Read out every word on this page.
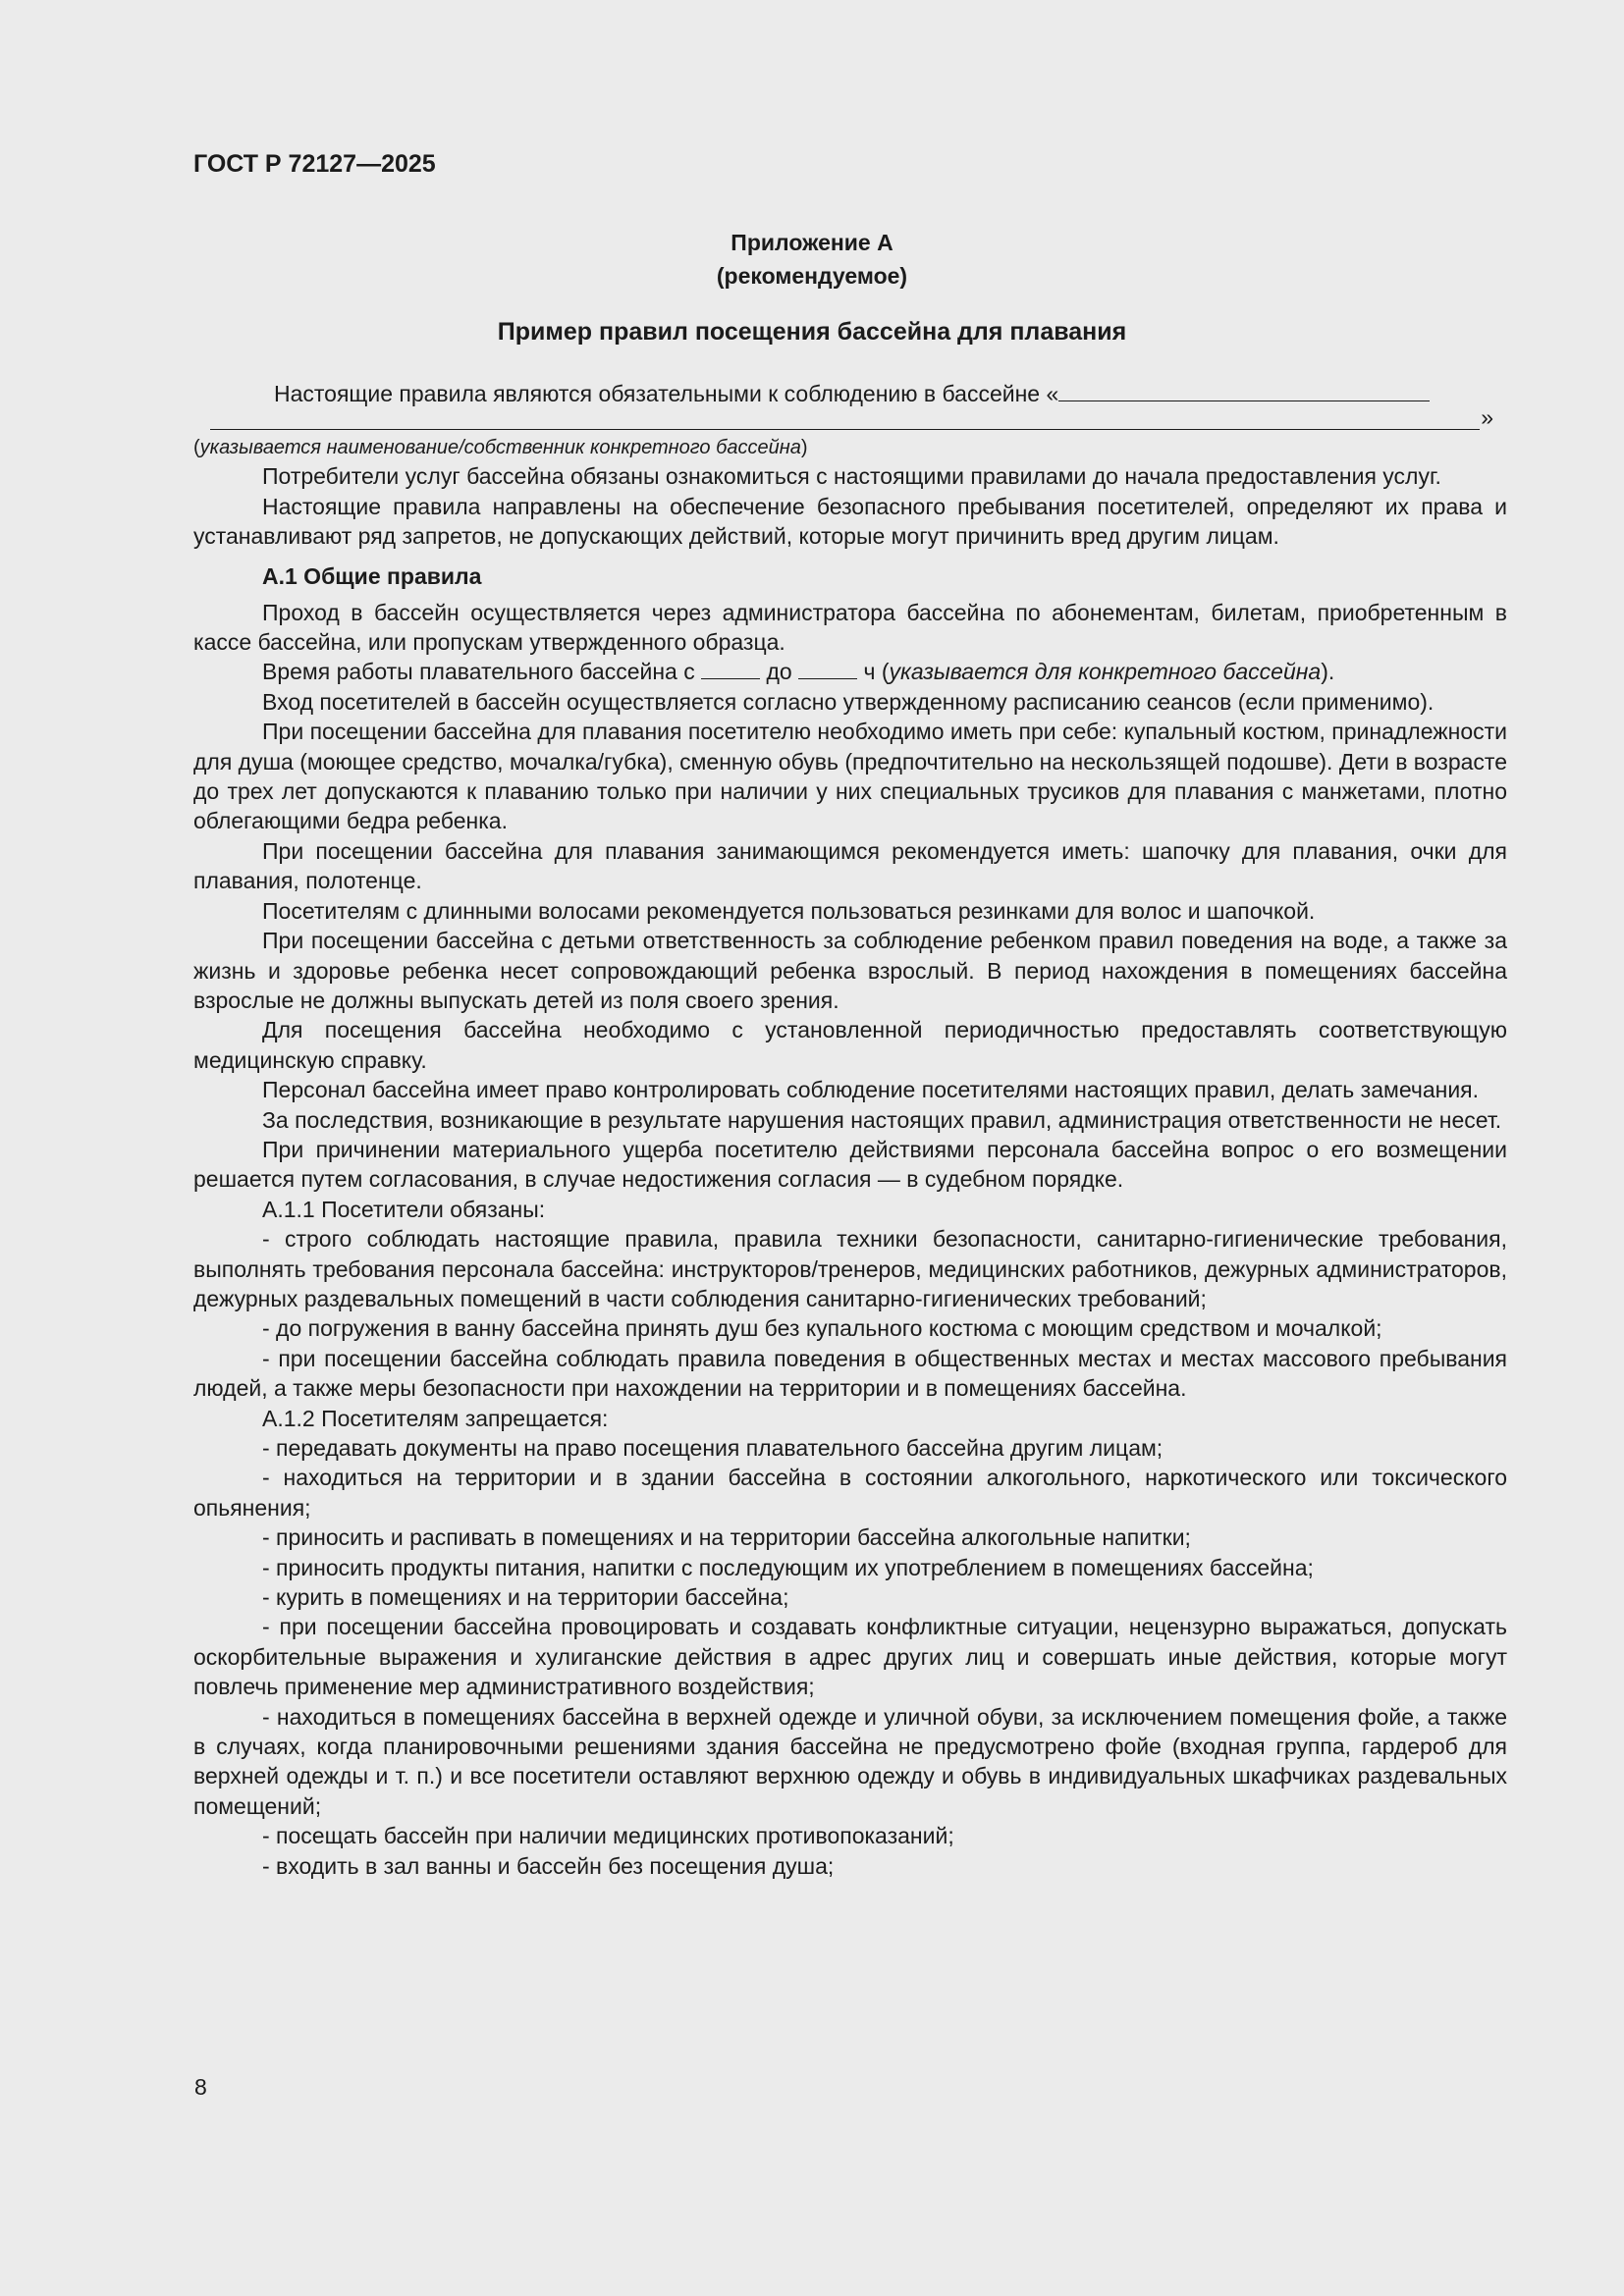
ГОСТ Р 72127—2025
Приложение А
(рекомендуемое)
Пример правил посещения бассейна для плавания

Настоящие правила являются обязательными к соблюдению в бассейне «

»

(указывается наименование/собственник конкретного бассейна)

Потребители услуг бассейна обязаны ознакомиться с настоящими правилами до начала предоставления услуг.

Настоящие правила направлены на обеспечение безопасного пребывания посетителей, определяют их права и устанавливают ряд запретов, не допускающих действий, которые могут причинить вред другим лицам.

А.1 Общие правила

Проход в бассейн осуществляется через администратора бассейна по абонементам, билетам, приобретенным в кассе бассейна, или пропускам утвержденного образца.

Время работы плавательного бассейна с	до	ч (указывается для конкретного бассейна).

Вход посетителей в бассейн осуществляется согласно утвержденному расписанию сеансов (если применимо).

При посещении бассейна для плавания посетителю необходимо иметь при себе: купальный костюм, принадлежности для душа (моющее средство, мочалка/губка), сменную обувь (предпочтительно на нескользящей подошве). Дети в возрасте до трех лет допускаются к плаванию только при наличии у них специальных трусиков для плавания с манжетами, плотно облегающими бедра ребенка.

При посещении бассейна для плавания занимающимся рекомендуется иметь: шапочку для плавания, очки для плавания, полотенце.

Посетителям с длинными волосами рекомендуется пользоваться резинками для волос и шапочкой.

При посещении бассейна с детьми ответственность за соблюдение ребенком правил поведения на воде, а также за жизнь и здоровье ребенка несет сопровождающий ребенка взрослый. В период нахождения в помещениях бассейна взрослые не должны выпускать детей из поля своего зрения.

Для посещения бассейна необходимо с установленной периодичностью предоставлять соответствующую медицинскую справку.

Персонал бассейна имеет право контролировать соблюдение посетителями настоящих правил, делать замечания.

За последствия, возникающие в результате нарушения настоящих правил, администрация ответственности не несет.

При причинении материального ущерба посетителю действиями персонала бассейна вопрос о его возмещении решается путем согласования, в случае недостижения согласия — в судебном порядке.

А.1.1 Посетители обязаны:

- строго соблюдать настоящие правила, правила техники безопасности, санитарно-гигиенические требования, выполнять требования персонала бассейна: инструкторов/тренеров, медицинских работников, дежурных администраторов, дежурных раздевальных помещений в части соблюдения санитарно-гигиенических требований;

- до погружения в ванну бассейна принять душ без купального костюма с моющим средством и мочалкой;

- при посещении бассейна соблюдать правила поведения в общественных местах и местах массового пребывания людей, а также меры безопасности при нахождении на территории и в помещениях бассейна.

А.1.2 Посетителям запрещается:

- передавать документы на право посещения плавательного бассейна другим лицам;

- находиться на территории и в здании бассейна в состоянии алкогольного, наркотического или токсического опьянения;

- приносить и распивать в помещениях и на территории бассейна алкогольные напитки;

- приносить продукты питания, напитки с последующим их употреблением в помещениях бассейна;

- курить в помещениях и на территории бассейна;

- при посещении бассейна провоцировать и создавать конфликтные ситуации, нецензурно выражаться, допускать оскорбительные выражения и хулиганские действия в адрес других лиц и совершать иные действия, которые могут повлечь применение мер административного воздействия;

- находиться в помещениях бассейна в верхней одежде и уличной обуви, за исключением помещения фойе, а также в случаях, когда планировочными решениями здания бассейна не предусмотрено фойе (входная группа, гардероб для верхней одежды и т. п.) и все посетители оставляют верхнюю одежду и обувь в индивидуальных шкафчиках раздевальных помещений;

- посещать бассейн при наличии медицинских противопоказаний;

- входить в зал ванны и бассейн без посещения душа;

8
